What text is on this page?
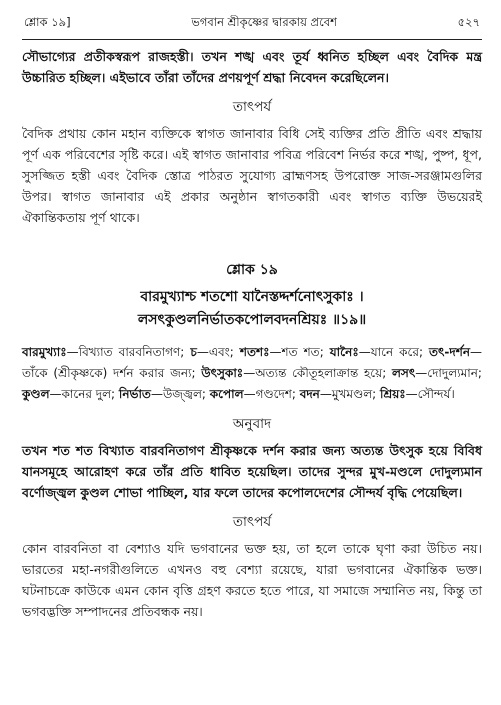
শ্লোক ১৯]	ভগবান শ্রীকৃষ্ণের দ্বারকায় প্রবেশ	৫২৭

সৌভাগ্যের প্রতীকস্বরূপ রাজহস্তী। তখন শঙ্খ এবং তূর্য ধ্বনিত হচ্ছিল এবং বৈদিক মন্ত্র উচ্চারিত হচ্ছিল। এইভাবে তাঁরা তাঁদের প্রণয়পূর্ণ শ্রদ্ধা নিবেদন করেছিলেন।

তাৎপর্য

বৈদিক প্রথায় কোন মহান ব্যক্তিকে স্বাগত জানাবার বিধি সেই ব্যক্তির প্রতি প্রীতি এবং শ্রদ্ধায় পূর্ণ এক পরিবেশের সৃষ্টি করে। এই স্বাগত জানাবার পবিত্র পরিবেশ নির্ভর করে শঙ্খ, পুষ্প, ধূপ, সুসজ্জিত হস্তী এবং বৈদিক স্তোত্র পাঠরত সুযোগ্য ব্রাহ্মণসহ উপরোক্ত সাজ-সরঞ্জামগুলির উপর। স্বাগত জানাবার এই প্রকার অনুষ্ঠান স্বাগতকারী এবং স্বাগত ব্যক্তি উভয়েরই ঐকান্তিকতায় পূর্ণ থাকে।

শ্লোক ১৯
বারমুখ্যাশ্চ শতশো যানৈস্তদ্দর্শনোৎসুকাঃ ।
লসৎকুণ্ডলনির্ভাতকপোলবদনশ্রিয়ঃ ॥১৯॥

বারমুখ্যাঃ—বিখ্যাত বারবনিতাগণ; চ—এবং; শতশঃ—শত শত; যানৈঃ—যানে করে; তৎ-দর্শন—তাঁকে (শ্রীকৃষ্ণকে) দর্শন করার জন্য; উৎসুকাঃ—অত্যন্ত কৌতূহলাক্রান্ত হয়ে; লসৎ—দোদুল্যমান; কুণ্ডল—কানের দুল; নির্ভাত—উজ্জ্বল; কপোল—গণ্ডদেশ; বদন—মুখমণ্ডল; শ্রিয়ঃ—সৌন্দর্য।

অনুবাদ

তখন শত শত বিখ্যাত বারবনিতাগণ শ্রীকৃষ্ণকে দর্শন করার জন্য অত্যন্ত উৎসুক হয়ে বিবিধ যানসমূহে আরোহণ করে তাঁর প্রতি ধাবিত হয়েছিল। তাদের সুন্দর মুখ-মণ্ডলে দোদুল্যমান বর্ণোজ্জ্বল কুণ্ডল শোভা পাচ্ছিল, যার ফলে তাদের কপোলদেশের সৌন্দর্য বৃদ্ধি পেয়েছিল।

তাৎপর্য

কোন বারবনিতা বা বেশ্যাও যদি ভগবানের ভক্ত হয়, তা হলে তাকে ঘৃণা করা উচিত নয়। ভারতের মহা-নগরীগুলিতে এখনও বহু বেশ্যা রয়েছে, যারা ভগবানের ঐকান্তিক ভক্ত। ঘটনাচক্রে কাউকে এমন কোন বৃত্তি গ্রহণ করতে হতে পারে, যা সমাজে সম্মানিত নয়, কিন্তু তা ভগবদ্ভক্তি সম্পাদনের প্রতিবন্ধক নয়।
